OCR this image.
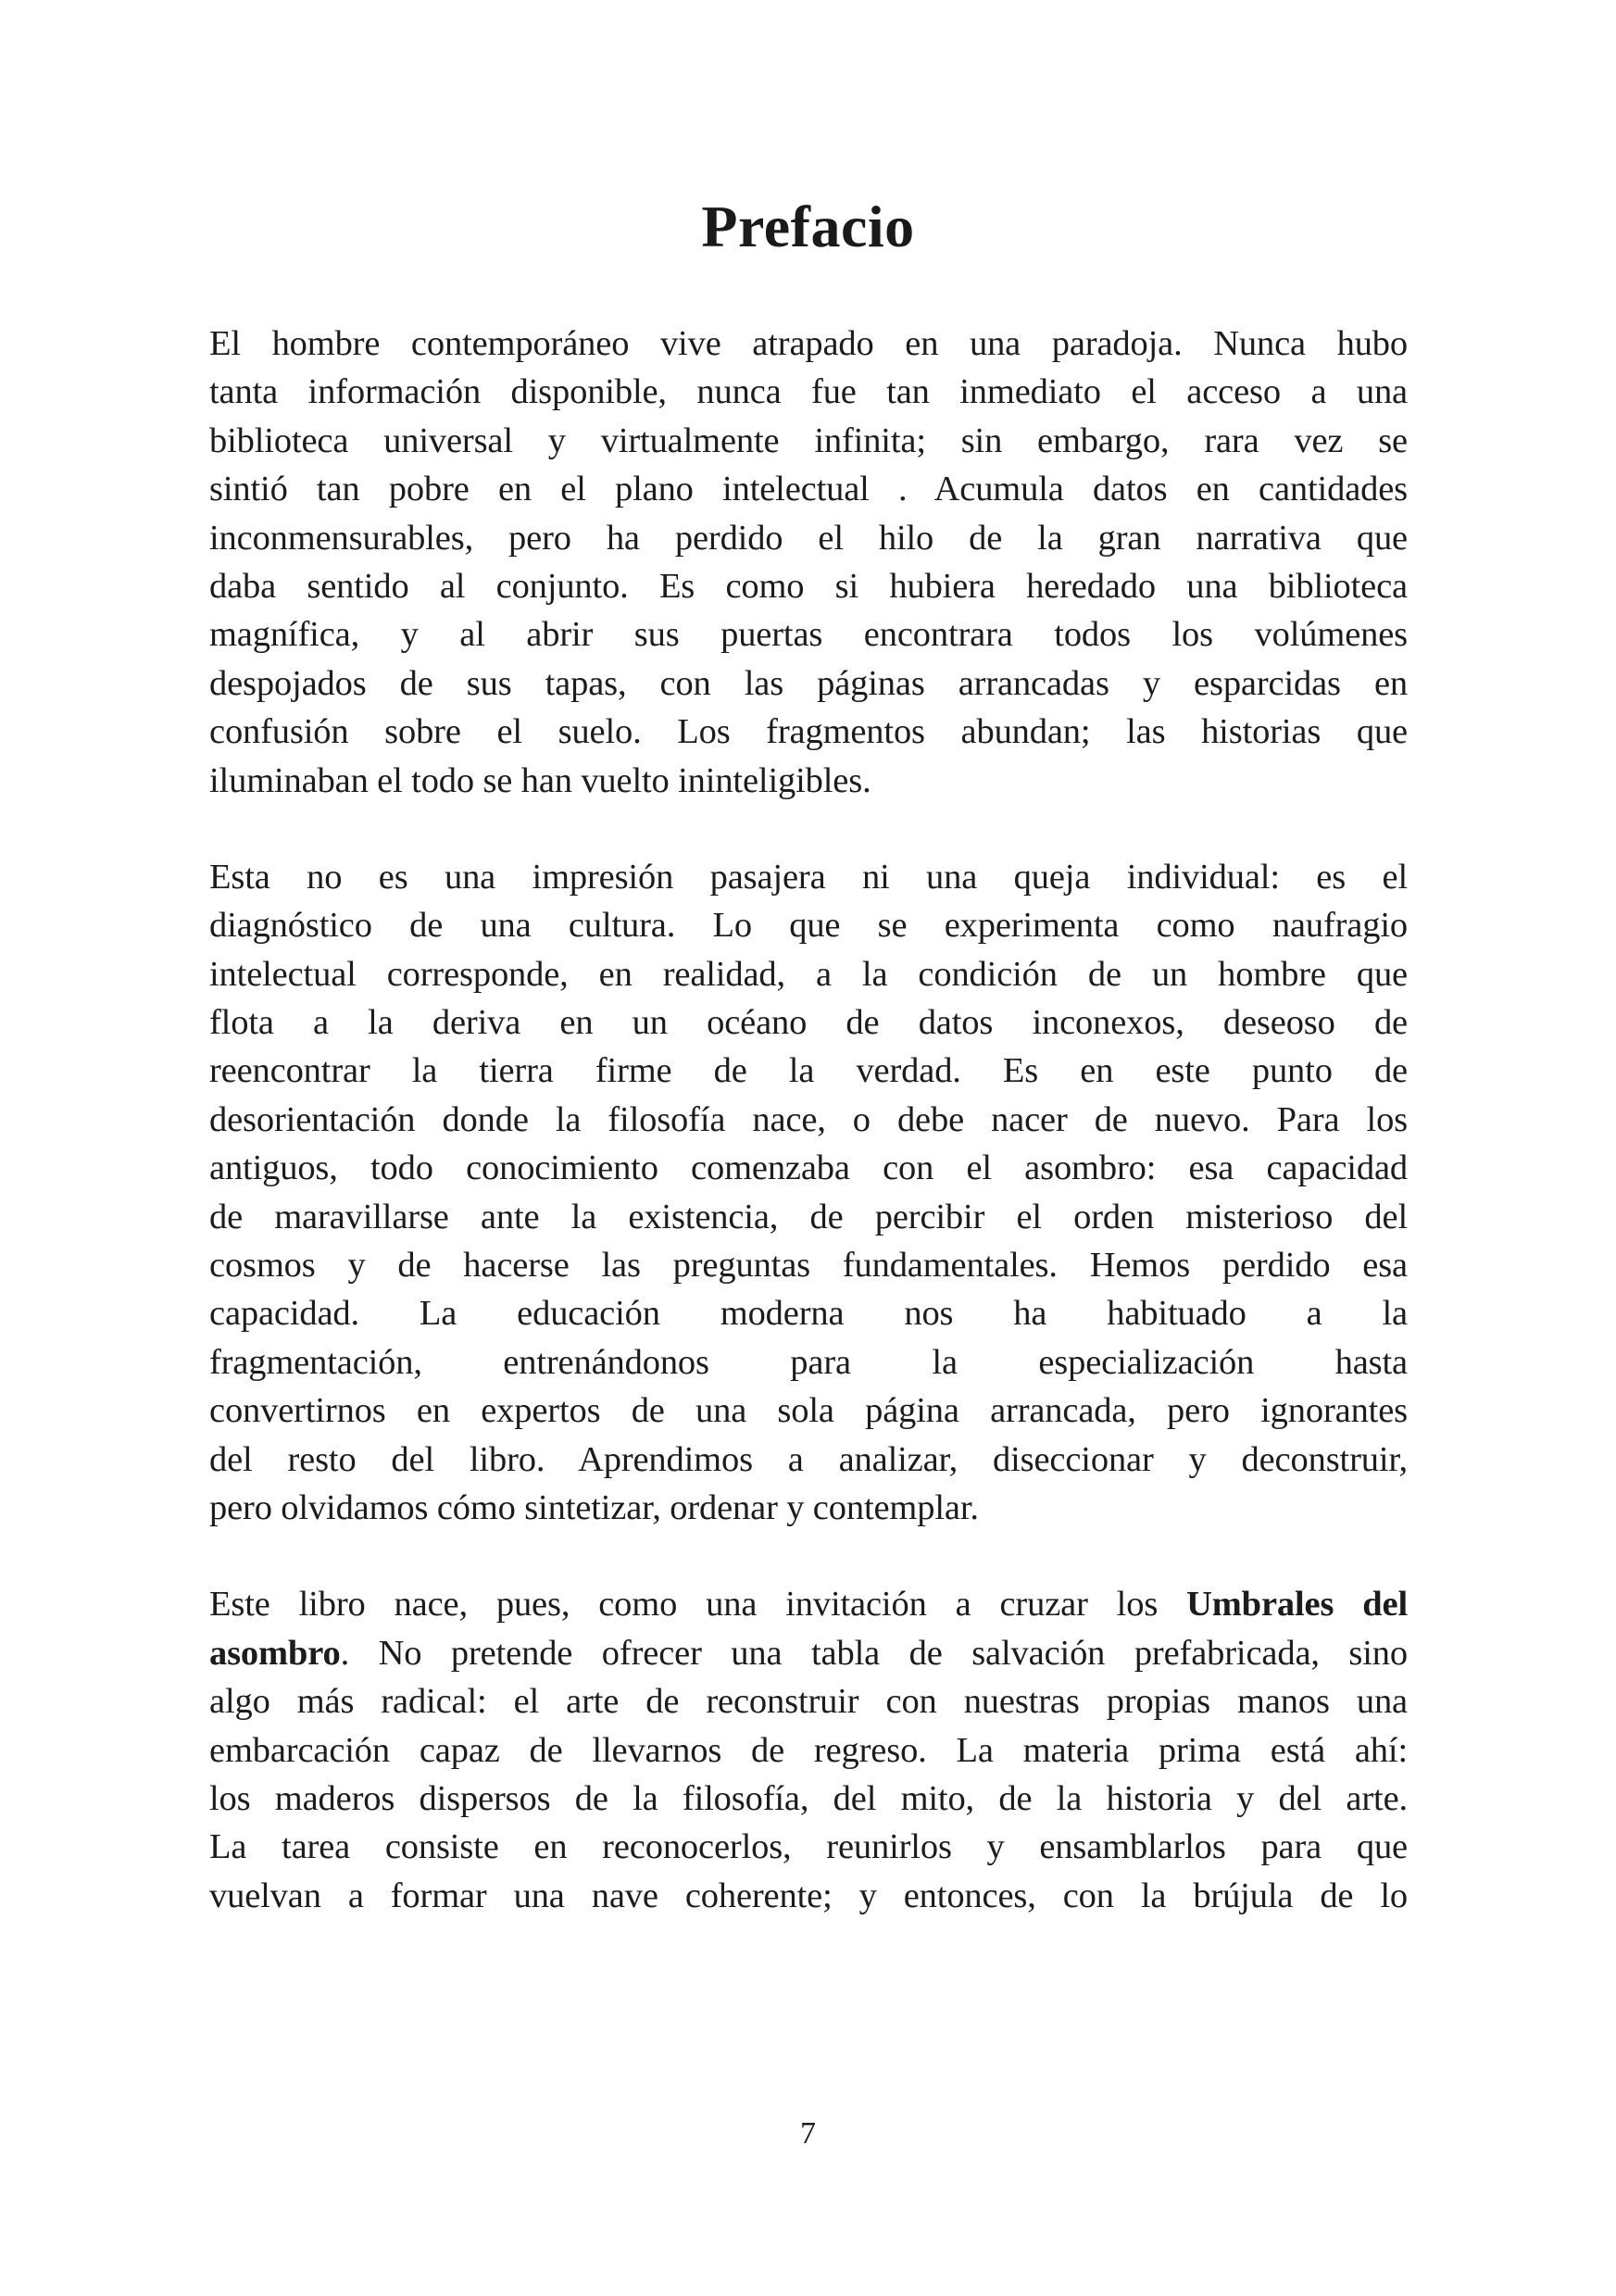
Prefacio

El hombre contemporáneo vive atrapado en una paradoja. Nunca hubo
tanta información disponible, nunca fue tan inmediato el acceso a una
biblioteca universal y virtualmente infinita; sin embargo, rara vez se
sintió tan pobre en el plano intelectual . Acumula datos en cantidades
inconmensurables, pero ha perdido el hilo de la gran narrativa que
daba sentido al conjunto. Es como si hubiera heredado una biblioteca
magnífica, y al abrir sus puertas encontrara todos los volúmenes
despojados de sus tapas, con las páginas arrancadas y esparcidas en
confusión sobre el suelo. Los fragmentos abundan; las historias que
iluminaban el todo se han vuelto ininteligibles.

Esta no es una impresión pasajera ni una queja individual: es el
diagnóstico de una cultura. Lo que se experimenta como naufragio
intelectual corresponde, en realidad, a la condición de un hombre que
flota a la deriva en un océano de datos inconexos, deseoso de
reencontrar la tierra firme de la verdad. Es en este punto de
desorientación donde la filosofía nace, o debe nacer de nuevo. Para los
antiguos, todo conocimiento comenzaba con el asombro: esa capacidad
de maravillarse ante la existencia, de percibir el orden misterioso del
cosmos y de hacerse las preguntas fundamentales. Hemos perdido esa
capacidad. La educación moderna nos ha habituado a la
fragmentación, entrenándonos para la especialización hasta
convertirnos en expertos de una sola página arrancada, pero ignorantes
del resto del libro. Aprendimos a analizar, diseccionar y deconstruir,
pero olvidamos cómo sintetizar, ordenar y contemplar.

Este libro nace, pues, como una invitación a cruzar los Umbrales del
asombro. No pretende ofrecer una tabla de salvación prefabricada, sino
algo más radical: el arte de reconstruir con nuestras propias manos una
embarcación capaz de llevarnos de regreso. La materia prima está ahí:
los maderos dispersos de la filosofía, del mito, de la historia y del arte.
La tarea consiste en reconocerlos, reunirlos y ensamblarlos para que
vuelvan a formar una nave coherente; y entonces, con la brújula de lo

7
